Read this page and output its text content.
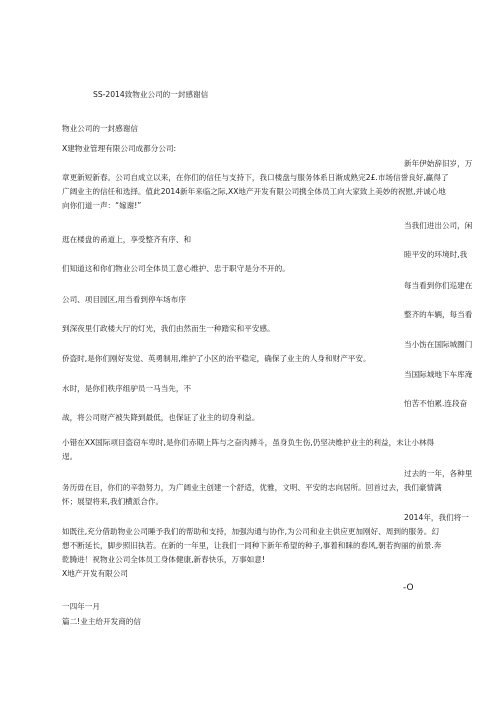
SS-2014致物业公司的一封感谢信
物业公司的一封感谢信
X建物业管理有限公司成都分公司:
新年伊始辞旧岁，万
章更新短新春。公司自成立以来，在你们的信任与支持下，我口楼盘与服务体系日渐成熟完2£.市场信誉良好,赢得了
广阔业主的信任和选择。值此2014新年来临之际,XX地产开发有限公司携全体员工向大家致上美妙的祝慰,并诚心地
向你们道一声：“嫁谢!”
当我们进出公司，闲
逛在楼盘的甬道上，享受整齐有序、和
睦平安的环境时,我
们知道这和你们物业公司全体员工意心维护、忠于职守是分不开的。
每当看到你们巡建在
公司、项目园区,用当看到停车场布序
整齐的车辆，每当看
到深夜里仃政楼大厅的灯光，我们由然而生一种踏实和平安感。
当小饬在国际城圈门
侨盗时,是你们刚好发觉、英勇制用,维护了小区的治平稳定，确保了业主的人身和财产平安。
当国际城地下车库淹
水时，是你们秩序组驴员一马当先，不
怕苦不怕累.连段奋
战，将公司财产被失降到最低，也保证了业主的切身利益。
小错在XX国际项目盗窃车卑时,是你们赤期上阵与之奋肉搏斗，虽身负生伤,仍坚决维护业主的利益，未让小林得
逞。
过去的一年，各种里
务历毋在目，你们的辛勃努力，为广阔业主创建一个舒适，优雅，文明、平安的志向居所。回首过去，我们豪情满
怀；展望将来,我们横派合作。
2014年，我们将一
如既往,充分借助物业公司睡予我们的帮助和支持，加强沟通与协作,为公司和业主供应更加刚好、周到的服务。幻
想不断延长，脚步照旧执若。在新的一年里，让我们一同种下新年希望的种子,事着和睐的春风,朝若拘丽的前景.奔
乾腾进！祝物业公司全体员工身体健康,新春快乐，万事如意!
X地产开发有限公司
-O
一四年一月
篇二!业主给开发商的信
